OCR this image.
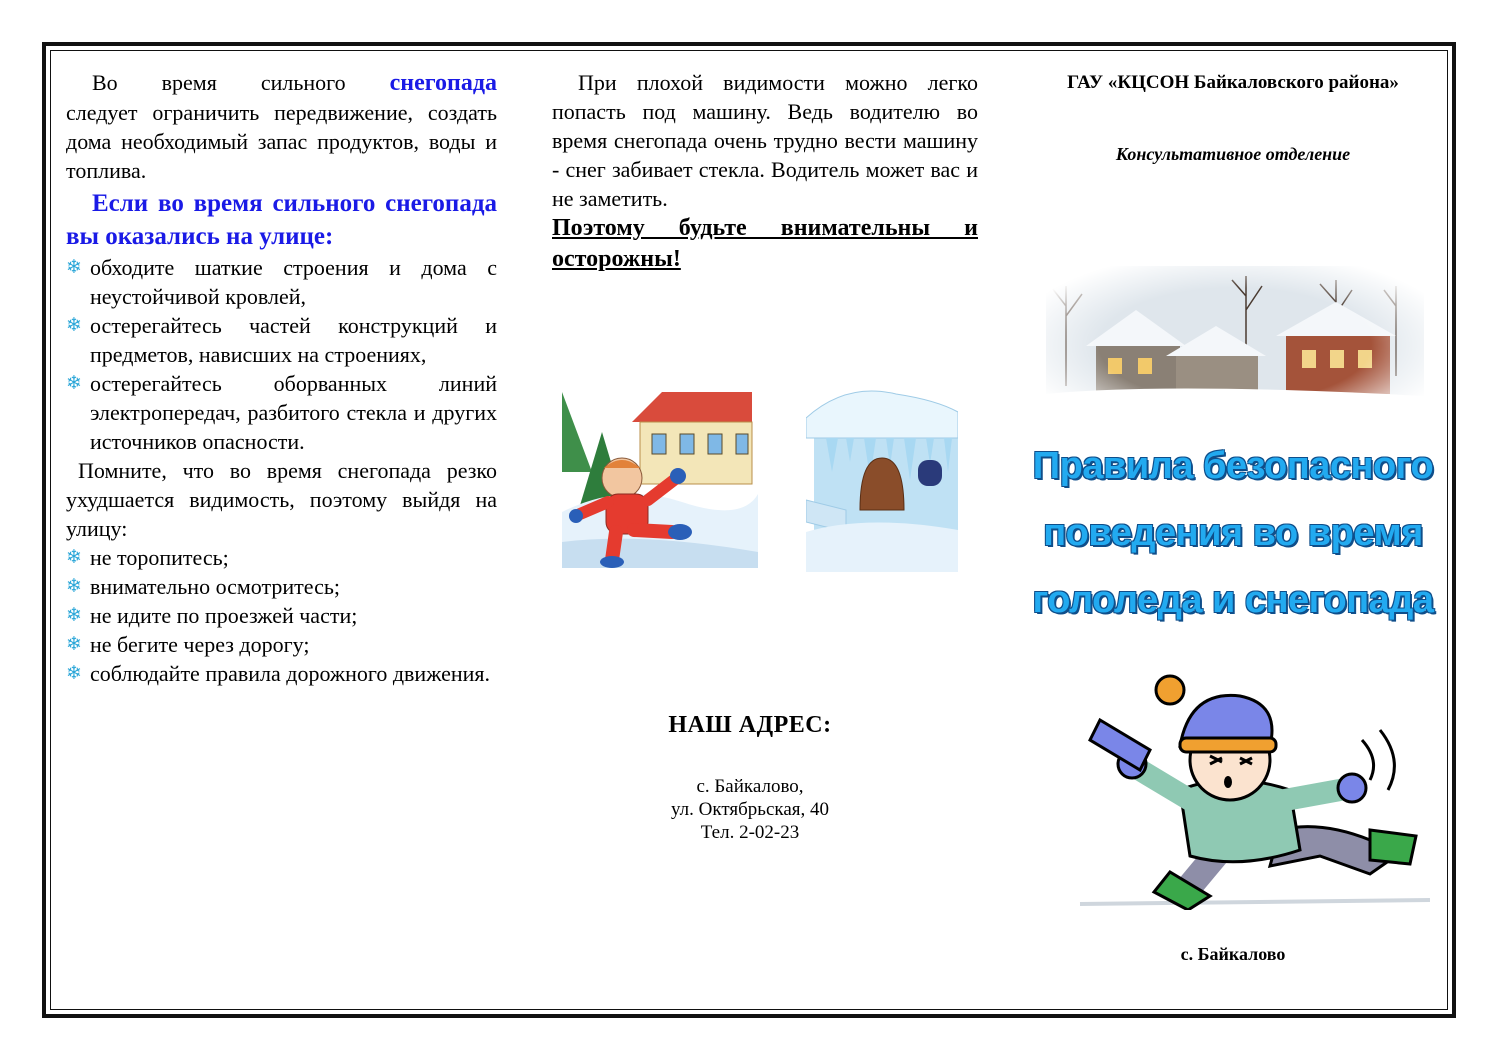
Во время сильного снегопада

следует ограничить передвижение, создать дома необходимый запас продуктов, воды и топлива.

Если во время сильного снегопада вы оказались на улице:

❄ обходите шаткие строения и дома с неустойчивой кровлей,
❄ остерегайтесь частей конструкций и предметов, нависших на строениях,
❄ остерегайтесь оборванных линий электропередач, разбитого стекла и других источников опасности.

Помните, что во время снегопада резко ухудшается видимость, поэтому выйдя на улицу:

❄ не торопитесь;
❄ внимательно осмотритесь;
❄ не идите по проезжей части;
❄ не бегите через дорогу;
❄ соблюдайте правила дорожного движения.

При плохой видимости можно легко попасть под машину. Ведь водителю во время снегопада очень трудно вести машину - снег забивает стекла. Водитель может вас и не заметить.

Поэтому будьте внимательны и осторожны!

НАШ АДРЕС:
с. Байкалово,
ул. Октябрьская, 40
Тел. 2-02-23
ГАУ «КЦСОН Байкаловского района»
Консультативное отделение
Правила безопасного
поведения во время
гололеда и снегопада
с. Байкалово
